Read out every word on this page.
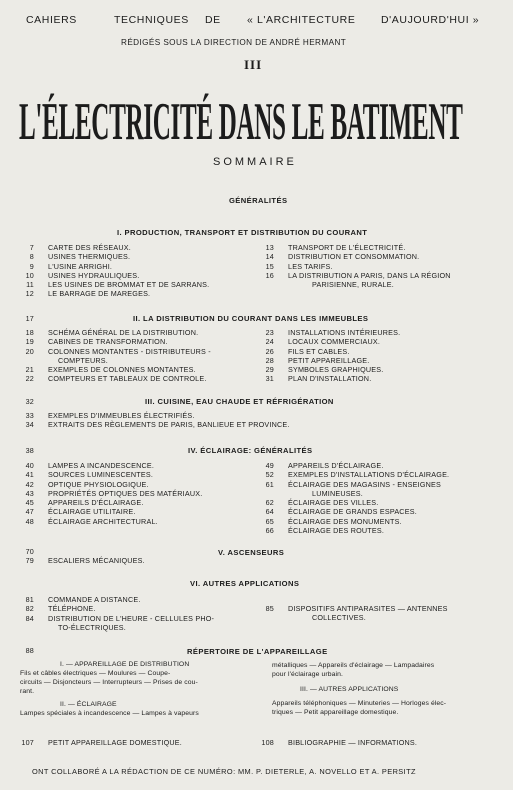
CAHIERS	TECHNIQUES DE « L'ARCHITECTURE D'AUJOURD'HUI »
RÉDIGÉS SOUS LA DIRECTION DE ANDRÉ HERMANT
III
L'ÉLECTRICITÉ DANS LE BATIMENT
SOMMAIRE
GÉNÉRALITÉS
I. PRODUCTION, TRANSPORT ET DISTRIBUTION DU COURANT
7 CARTE DES RÉSEAUX.
8 USINES THERMIQUES.
9 L'USINE ARRIGHI.
10 USINES HYDRAULIQUES.
11 LES USINES DE BROMMAT ET DE SARRANS.
12 LE BARRAGE DE MAREGES.
13 TRANSPORT DE L'ÉLECTRICITÉ.
14 DISTRIBUTION ET CONSOMMATION.
15 LES TARIFS.
16 LA DISTRIBUTION A PARIS, DANS LA RÉGION
PARISIENNE, RURALE.
17	II. LA DISTRIBUTION DU COURANT DANS LES IMMEUBLES
18 SCHÉMA GÉNÉRAL DE LA DISTRIBUTION.
19 CABINES DE TRANSFORMATION.
20 COLONNES MONTANTES - DISTRIBUTEURS -
COMPTEURS.
21 EXEMPLES DE COLONNES MONTANTES.
22 COMPTEURS ET TABLEAUX DE CONTROLE.
23 INSTALLATIONS INTÉRIEURES.
24 LOCAUX COMMERCIAUX.
26 FILS ET CABLES.
28 PETIT APPAREILLAGE.
29 SYMBOLES GRAPHIQUES.
31 PLAN D'INSTALLATION.
32	III. CUISINE, EAU CHAUDE ET RÉFRIGÉRATION
33 EXEMPLES D'IMMEUBLES ÉLECTRIFIÉS.
34 EXTRAITS DES RÈGLEMENTS DE PARIS, BANLIEUE ET PROVINCE.
38	IV. ÉCLAIRAGE: GÉNÉRALITÉS
40 LAMPES A INCANDESCENCE.
41 SOURCES LUMINESCENTES.
42 OPTIQUE PHYSIOLOGIQUE.
43 PROPRIÉTÉS OPTIQUES DES MATÉRIAUX.
45 APPAREILS D'ÉCLAIRAGE.
47 ÉCLAIRAGE UTILITAIRE.
48 ÉCLAIRAGE ARCHITECTURAL.
49 APPAREILS D'ÉCLAIRAGE.
52 EXEMPLES D'INSTALLATIONS D'ÉCLAIRAGE.
61 ÉCLAIRAGE DES MAGASINS - ENSEIGNES
LUMINEUSES.
62 ÉCLAIRAGE DES VILLES.
64 ÉCLAIRAGE DE GRANDS ESPACES.
65 ÉCLAIRAGE DES MONUMENTS.
66 ÉCLAIRAGE DES ROUTES.
70	V. ASCENSEURS
79 ESCALIERS MÉCANIQUES.
VI. AUTRES APPLICATIONS
81 COMMANDE A DISTANCE.
82 TÉLÉPHONE.
84 DISTRIBUTION DE L'HEURE - CELLULES PHO-
TO-ÉLECTRIQUES.
85 DISPOSITIFS ANTIPARASITES — ANTENNES
COLLECTIVES.
88	RÉPERTOIRE DE L'APPAREILLAGE
I. — APPAREILLAGE DE DISTRIBUTION
Fils et câbles électriques — Moulures — Coupe-
circuits — Disjoncteurs — Interrupteurs — Prises de cou-
rant.
II. — ÉCLAIRAGE
Lampes spéciales à incandescence — Lampes à vapeurs
métalliques — Appareils d'éclairage — Lampadaires
pour l'éclairage urbain.
III. — AUTRES APPLICATIONS
Appareils téléphoniques — Minuteries — Horloges élec-
triques — Petit appareillage domestique.
107 PETIT APPAREILLAGE DOMESTIQUE.	108 BIBLIOGRAPHIE — INFORMATIONS.
ONT COLLABORÉ A LA RÉDACTION DE CE NUMÉRO: MM. P. DIETERLE, A. NOVELLO ET A. PERSITZ
